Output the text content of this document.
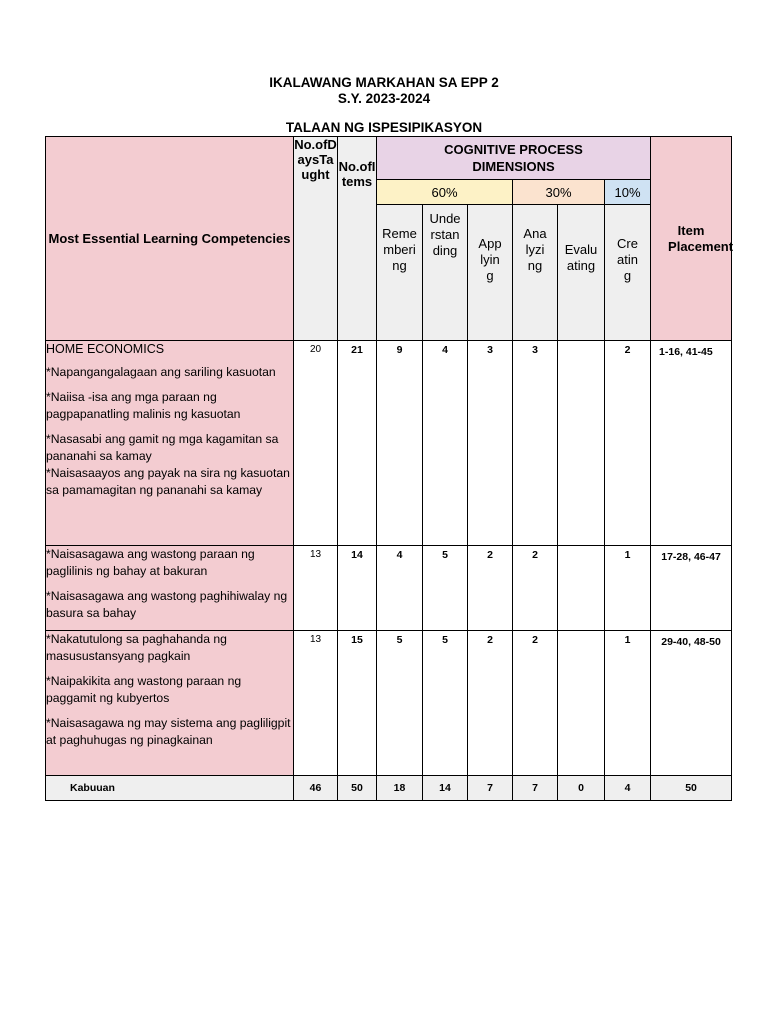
IKALAWANG MARKAHAN SA EPP 2
S.Y. 2023-2024
TALAAN NG ISPESIPIKASYON
Most Essential Learning Competencies	No.ofDaysTaught	No.ofItems	COGNITIVE PROCESS DIMENSIONS						Item Placement

			60%			30%		10%	
			Remembering	Understanding	Applying	Analyzing	Evaluating	Creating	

HOME ECONOMICS

*Napangangalagaan ang sariling kasuotan

*Naiisa -isa ang mga paraan ng pagpapanatling malinis ng kasuotan

*Nasasabi ang gamit ng mga kagamitan sa pananahi sa kamay

*Naisasaayos ang payak na sira ng kasuotan sa pamamagitan ng pananahi sa kamay	20	21	9	4	3	3		2	1-16, 41-45

*Naisasagawa ang wastong paraan ng paglilinis ng bahay at bakuran

*Naisasagawa ang wastong paghihiwalay ng basura sa bahay	13	14	4	5	2	2		1	17-28, 46-47

*Nakatutulong sa paghahanda ng masusustansyang pagkain

*Naipakikita ang wastong paraan ng paggamit ng kubyertos

*Naisasagawa ng may sistema ang pagliligpit at paghuhugas ng pinagkainan	13	15	5	5	2	2		1	29-40, 48-50
Kabuuan	46	50	18	14	7	7	0	4	50
